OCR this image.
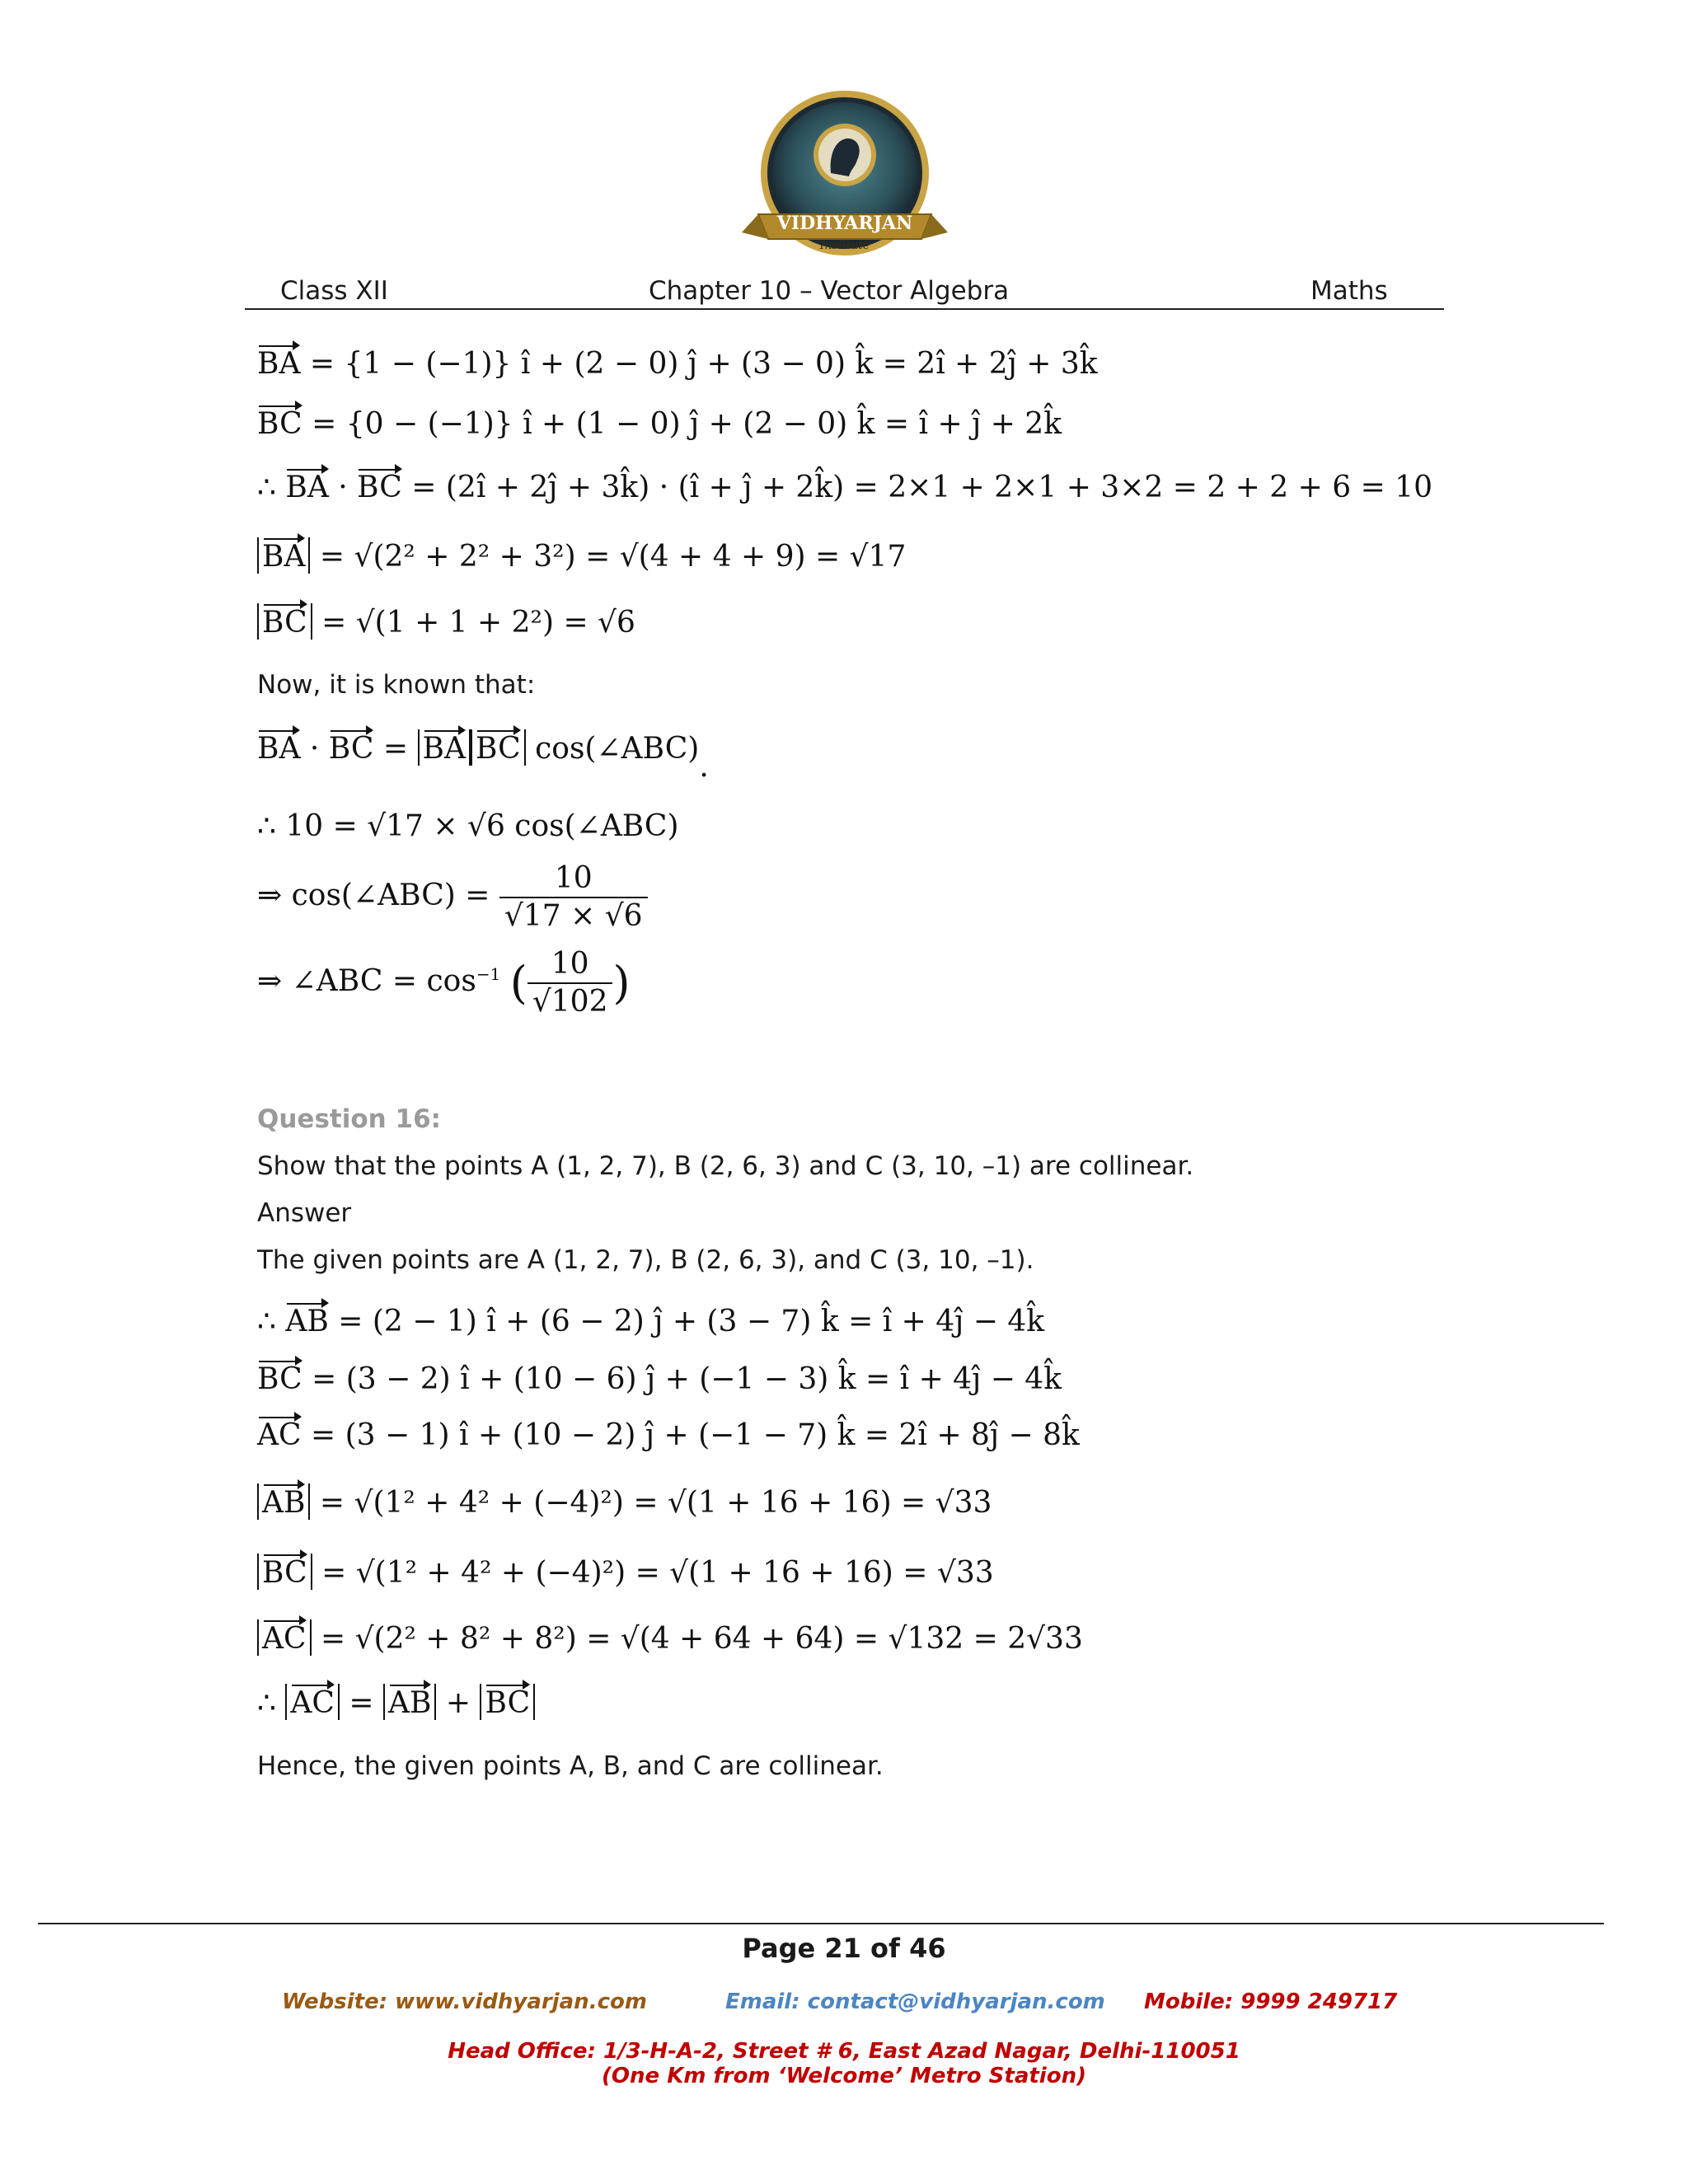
VIDHYARJAN
Institute
Class XII	Chapter 10 – Vector Algebra	Maths
BA = {1 − (−1)} î + (2 − 0) ĵ + (3 − 0) k̂ = 2î + 2ĵ + 3k̂
BC = {0 − (−1)} î + (1 − 0) ĵ + (2 − 0) k̂ = î + ĵ + 2k̂
∴ BA · BC = (2î + 2ĵ + 3k̂) · (î + ĵ + 2k̂) = 2×1 + 2×1 + 3×2 = 2 + 2 + 6 = 10
BA = √(2² + 2² + 3²) = √(4 + 4 + 9) = √17
BC = √(1 + 1 + 2²) = √6
Now, it is known that:
BA · BC = BA BC cos(∠ABC).
∴ 10 = √17 × √6 cos(∠ABC)
⇒ cos(∠ABC) = $\frac{10}{√17 \times √6}$
⇒ ∠ABC = $\cos^{-1}$ ( $\frac{10}{√102}$ )
Question 16:
Show that the points A (1, 2, 7), B (2, 6, 3) and C (3, 10, –1) are collinear.
Answer
The given points are A (1, 2, 7), B (2, 6, 3), and C (3, 10, –1).
∴ AB = (2 − 1) î + (6 − 2) ĵ + (3 − 7) k̂ = î + 4ĵ − 4k̂
BC = (3 − 2) î + (10 − 6) ĵ + (−1 − 3) k̂ = î + 4ĵ − 4k̂
AC = (3 − 1) î + (10 − 2) ĵ + (−1 − 7) k̂ = 2î + 8ĵ − 8k̂
AB = √(1² + 4² + (−4)²) = √(1 + 16 + 16) = √33
BC = √(1² + 4² + (−4)²) = √(1 + 16 + 16) = √33
AC = √(2² + 8² + 8²) = √(4 + 64 + 64) = √132 = 2√33
∴ AC = AB + BC
Hence, the given points A, B, and C are collinear.
Page 21 of 46
Website: www.vidhyarjan.com	Email: contact@vidhyarjan.com Mobile: 9999 249717
Head Office: 1/3-H-A-2, Street # 6, East Azad Nagar, Delhi-110051
(One Km from ‘Welcome’ Metro Station)
